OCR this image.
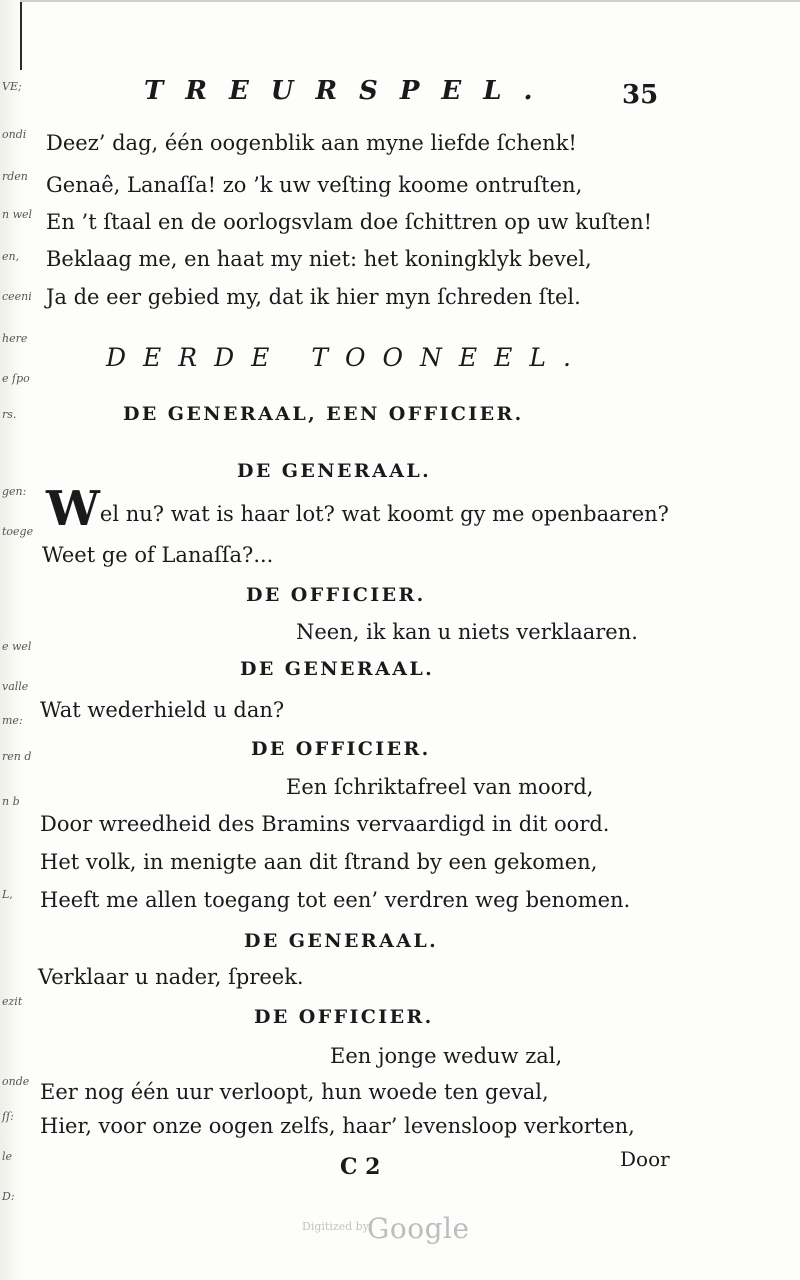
VE;
ondi
rden
n wel
en,
ceeni
here
e ſpo
rs.
gen:
toege
e wel
valle
me:
ren d
n b
L,
ezit
onde
ſſ:
le
D:
TREURSPEL.	35
Deez’ dag, één oogenblik aan myne liefde ſchenk!
Genaê, Lanaſſa! zo ’k uw veſting koome ontruſten,
En ’t ſtaal en de oorlogsvlam doe ſchittren op uw kuſten!
Beklaag me, en haat my niet: het koningklyk bevel,
Ja de eer gebied my, dat ik hier myn ſchreden ſtel.
DERDE TOONEEL.
DE GENERAAL, EEN OFFICIER.
DE GENERAAL.
Wel nu? wat is haar lot? wat koomt gy me openbaaren?
Weet ge of Lanaſſa?...
DE OFFICIER.
Neen, ik kan u niets verklaaren.
DE GENERAAL.
Wat wederhield u dan?
DE OFFICIER.
Een ſchriktafreel van moord,
Door wreedheid des Bramins vervaardigd in dit oord.
Het volk, in menigte aan dit ſtrand by een gekomen,
Heeft me allen toegang tot een’ verdren weg benomen.
DE GENERAAL.
Verklaar u nader, ſpreek.
DE OFFICIER.
Een jonge weduw zal,
Eer nog één uur verloopt, hun woede ten geval,
Hier, voor onze oogen zelfs, haar’ levensloop verkorten,
C 2	Door
Digitized by
Google
